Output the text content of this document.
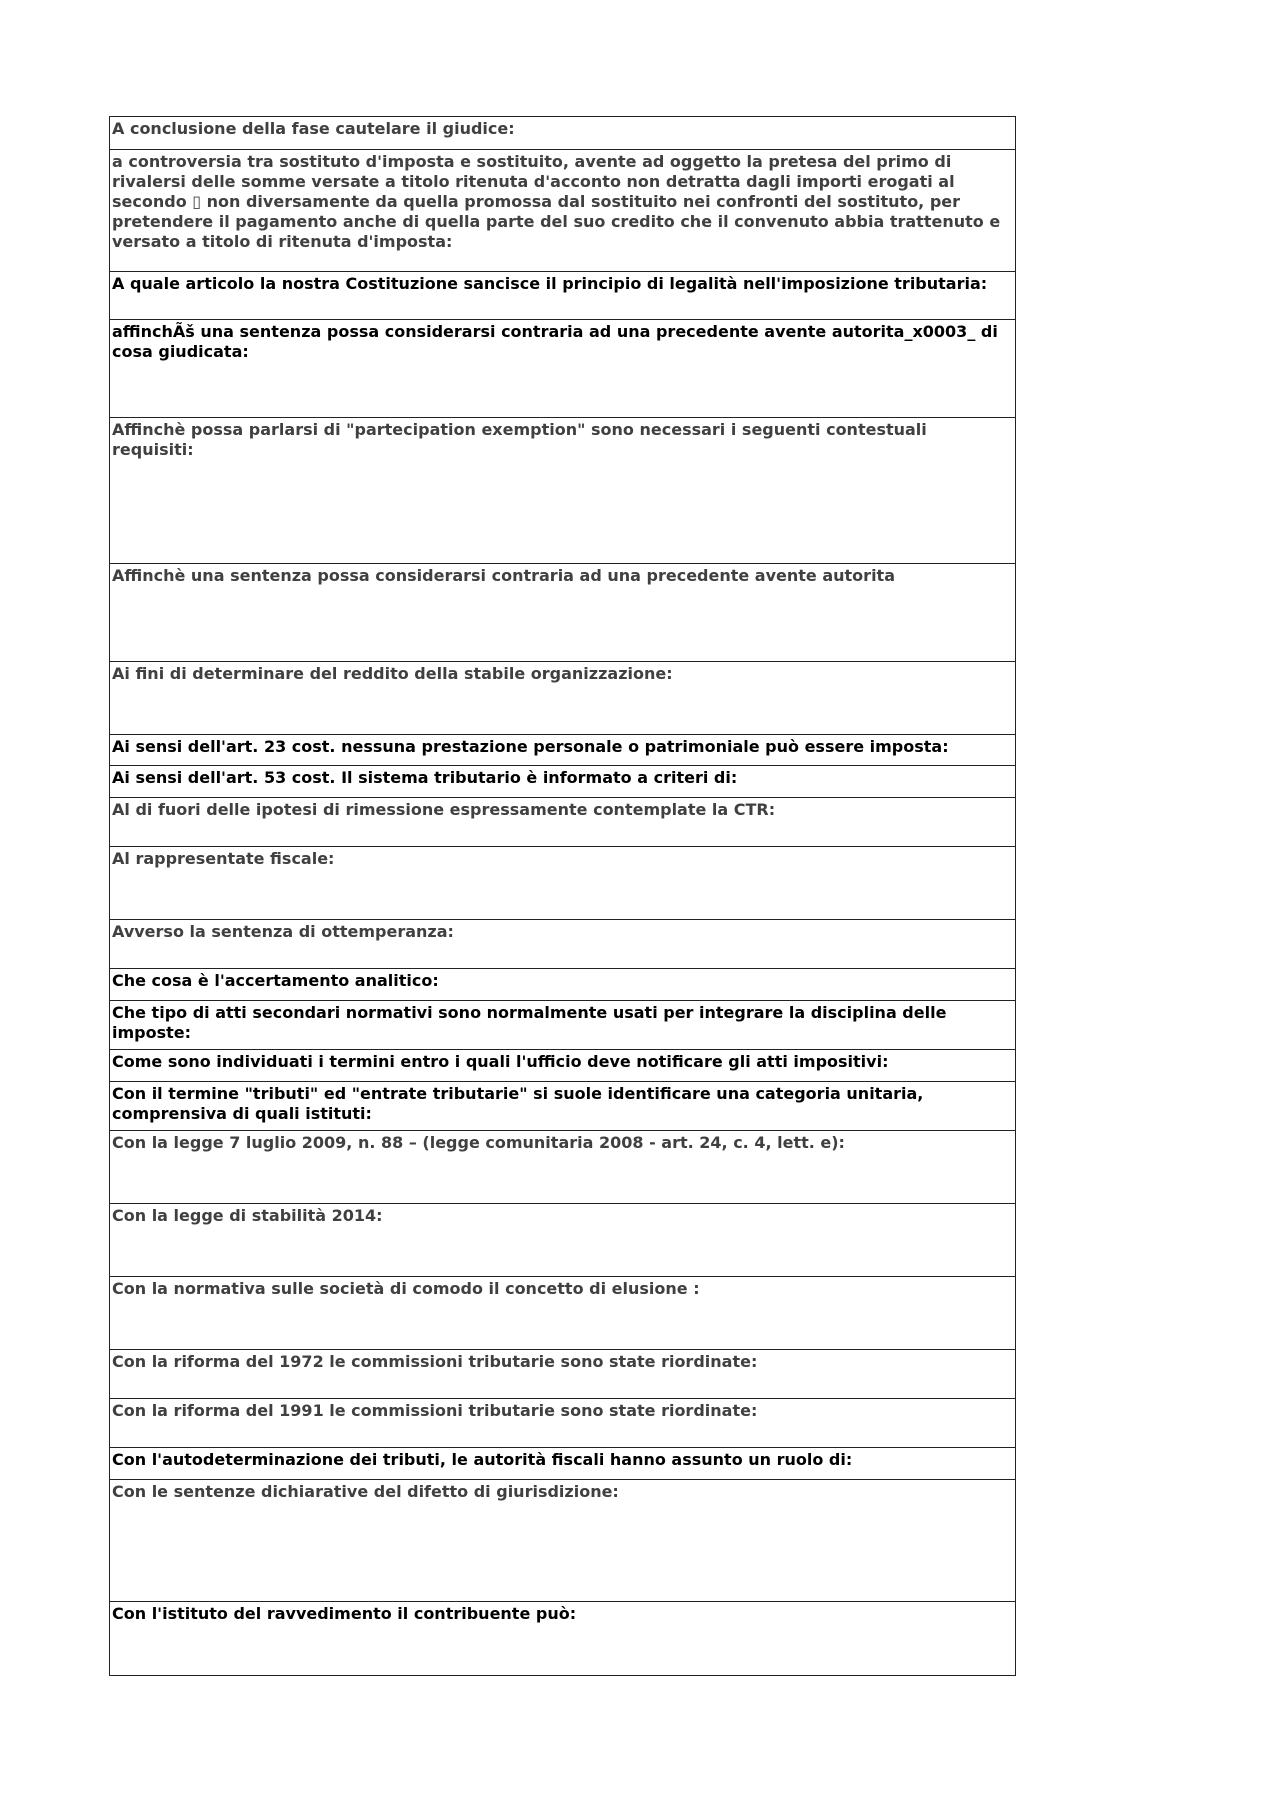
A conclusione della fase cautelare il giudice:
a controversia tra sostituto d'imposta e sostituito, avente ad oggetto la pretesa del primo di rivalersi delle somme versate a titolo ritenuta d'acconto non detratta dagli importi erogati al secondo ▯ non diversamente da quella promossa dal sostituito nei confronti del sostituto, per pretendere il pagamento anche di quella parte del suo credito che il convenuto abbia trattenuto e versato a titolo di ritenuta d'imposta:
A quale articolo la nostra Costituzione sancisce il principio di legalità nell'imposizione tributaria:
affinchÃš una sentenza possa considerarsi contraria ad una precedente avente autorita_x0003_ di cosa giudicata:
Affinchè possa parlarsi di "partecipation exemption" sono necessari i seguenti contestuali requisiti:
Affinchè una sentenza possa considerarsi contraria ad una precedente avente autorita
Ai fini di determinare del reddito della stabile organizzazione:
Ai sensi dell'art. 23 cost. nessuna prestazione personale o patrimoniale può essere imposta:
Ai sensi dell'art. 53 cost. Il sistema tributario è informato a criteri di:
Al di fuori delle ipotesi di rimessione espressamente contemplate la CTR:
Al rappresentate fiscale:
Avverso la sentenza di ottemperanza:
Che cosa è l'accertamento analitico:
Che tipo di atti secondari normativi sono normalmente usati per integrare la disciplina delle imposte:
Come sono individuati i termini entro i quali l'ufficio deve notificare gli atti impositivi:
Con il termine "tributi" ed "entrate tributarie" si suole identificare una categoria unitaria, comprensiva di quali istituti:
Con la legge 7 luglio 2009, n. 88 – (legge comunitaria 2008 - art. 24, c. 4, lett. e):
Con la legge di stabilità 2014:
Con la normativa sulle società di comodo il concetto di elusione :
Con la riforma del 1972 le commissioni tributarie sono state riordinate:
Con la riforma del 1991 le commissioni tributarie sono state riordinate:
Con l'autodeterminazione dei tributi, le autorità fiscali hanno assunto un ruolo di:
Con le sentenze dichiarative del difetto di giurisdizione:
Con l'istituto del ravvedimento il contribuente può:
